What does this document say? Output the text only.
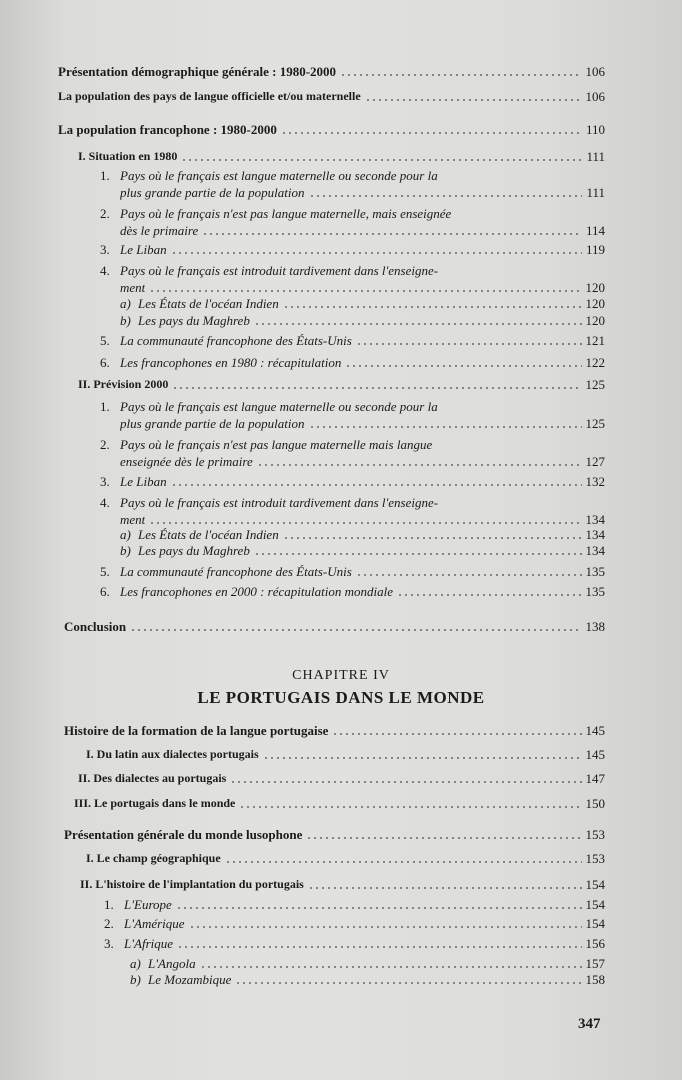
Présentation démographique générale : 1980-2000	106
La population des pays de langue officielle et/ou maternelle	106
La population francophone : 1980-2000	110
I. Situation en 1980	111
1. Pays où le français est langue maternelle ou seconde pour la
plus grande partie de la population	111
2. Pays où le français n'est pas langue maternelle, mais enseignée
dès le primaire	114
3. Le Liban	119
4. Pays où le français est introduit tardivement dans l'enseigne-
ment	120
a) Les États de l'océan Indien	120
b) Les pays du Maghreb	120
5. La communauté francophone des États-Unis	121
6. Les francophones en 1980 : récapitulation	122
II. Prévision 2000	125
1. Pays où le français est langue maternelle ou seconde pour la
plus grande partie de la population	125
2. Pays où le français n'est pas langue maternelle mais langue
enseignée dès le primaire	127
3. Le Liban	132
4. Pays où le français est introduit tardivement dans l'enseigne-
ment	134
a) Les États de l'océan Indien	134
b) Les pays du Maghreb	134
5. La communauté francophone des États-Unis	135
6. Les francophones en 2000 : récapitulation mondiale	135
Conclusion	138
Histoire de la formation de la langue portugaise	145
I. Du latin aux dialectes portugais	145
II. Des dialectes au portugais	147
III. Le portugais dans le monde	150
Présentation générale du monde lusophone	153
I. Le champ géographique	153
II. L'histoire de l'implantation du portugais	154
1. L'Europe	154
2. L'Amérique	154
3. L'Afrique	156
a) L'Angola	157
b) Le Mozambique	158
CHAPITRE IV
LE PORTUGAIS DANS LE MONDE
347
